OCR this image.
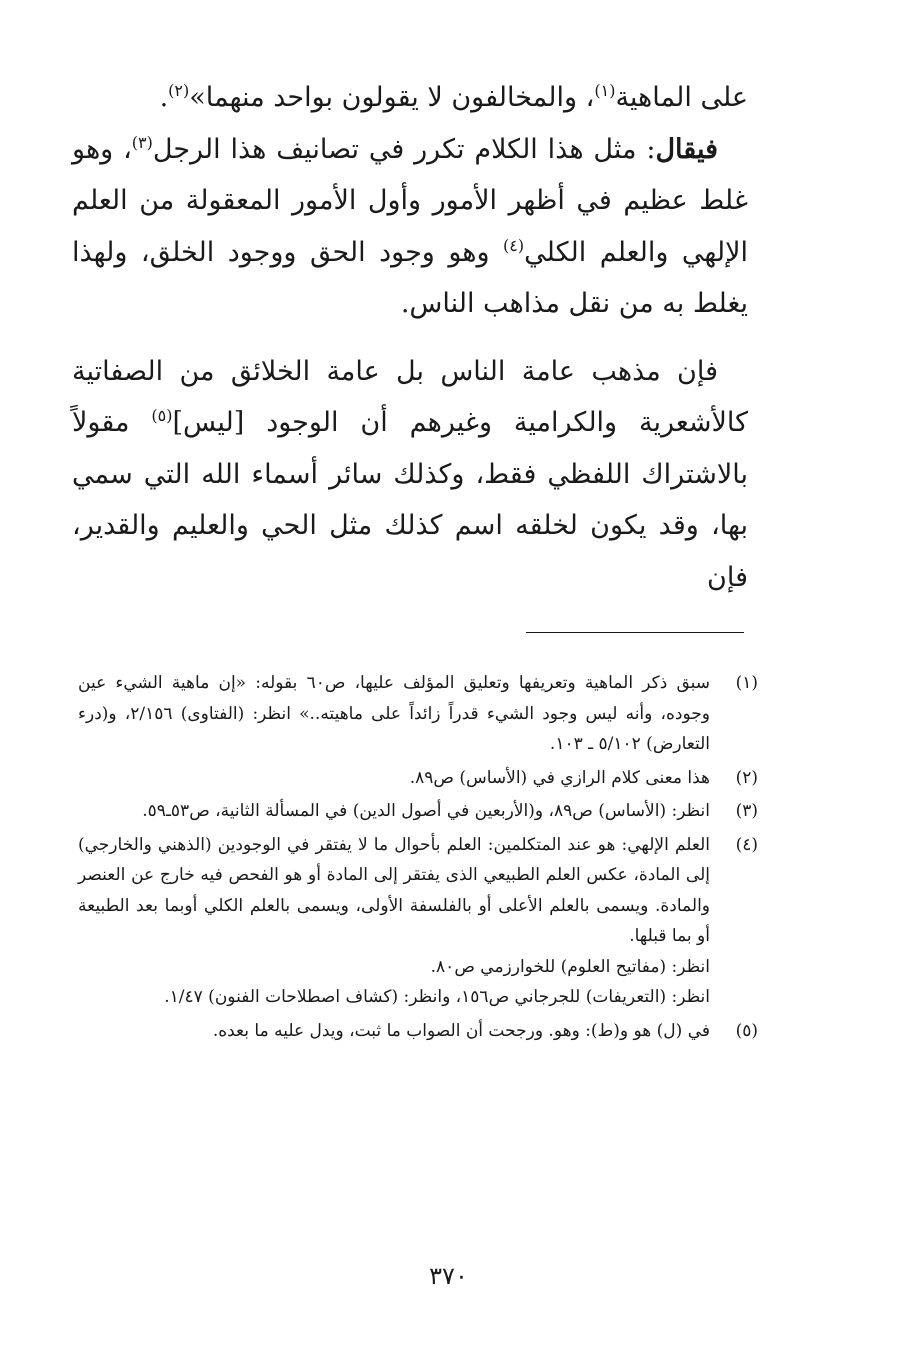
على الماهية$^{(١)}$، والمخالفون لا يقولون بواحد منهما»$^{(٢)}$.

فيقال: مثل هذا الكلام تكرر في تصانيف هذا الرجل$^{(٣)}$، وهو غلط عظيم في أظهر الأمور وأول الأمور المعقولة من العلم الإلهي والعلم الكلي$^{(٤)}$ وهو وجود الحق ووجود الخلق، ولهذا يغلط به من نقل مذاهب الناس.

فإن مذهب عامة الناس بل عامة الخلائق من الصفاتية كالأشعرية والكرامية وغيرهم أن الوجود [ليس]$^{(٥)}$ مقولاً بالاشتراك اللفظي فقط، وكذلك سائر أسماء الله التي سمي بها، وقد يكون لخلقه اسم كذلك مثل الحي والعليم والقدير، فإن

(١)

سبق ذكر الماهية وتعريفها وتعليق المؤلف عليها، ص٦٠ بقوله: «إن ماهية الشيء عين وجوده، وأنه ليس وجود الشيء قدراً زائداً على ماهيته..» انظر: (الفتاوى) ٢/١٥٦، و(درء التعارض) ٥/١٠٢ ـ ١٠٣.

(٢)

هذا معنى كلام الرازي في (الأساس) ص٨٩.

(٣)

انظر: (الأساس) ص٨٩، و(الأربعين في أصول الدين) في المسألة الثانية، ص٥٣ـ٥٩.

(٤)

العلم الإلهي: هو عند المتكلمين: العلم بأحوال ما لا يفتقر في الوجودين (الذهني والخارجي) إلى المادة، عكس العلم الطبيعي الذى يفتقر إلى المادة أو هو الفحص فيه خارج عن العنصر والمادة. ويسمى بالعلم الأعلى أو بالفلسفة الأولى، ويسمى بالعلم الكلي أوبما بعد الطبيعة أو بما قبلها.

انظر: (مفاتيح العلوم) للخوارزمي ص٨٠.

انظر: (التعريفات) للجرجاني ص١٥٦، وانظر: (كشاف اصطلاحات الفنون) ١/٤٧.

(٥)

في (ل) هو و(ط): وهو. ورجحت أن الصواب ما ثبت، ويدل عليه ما بعده.

٣٧٠
